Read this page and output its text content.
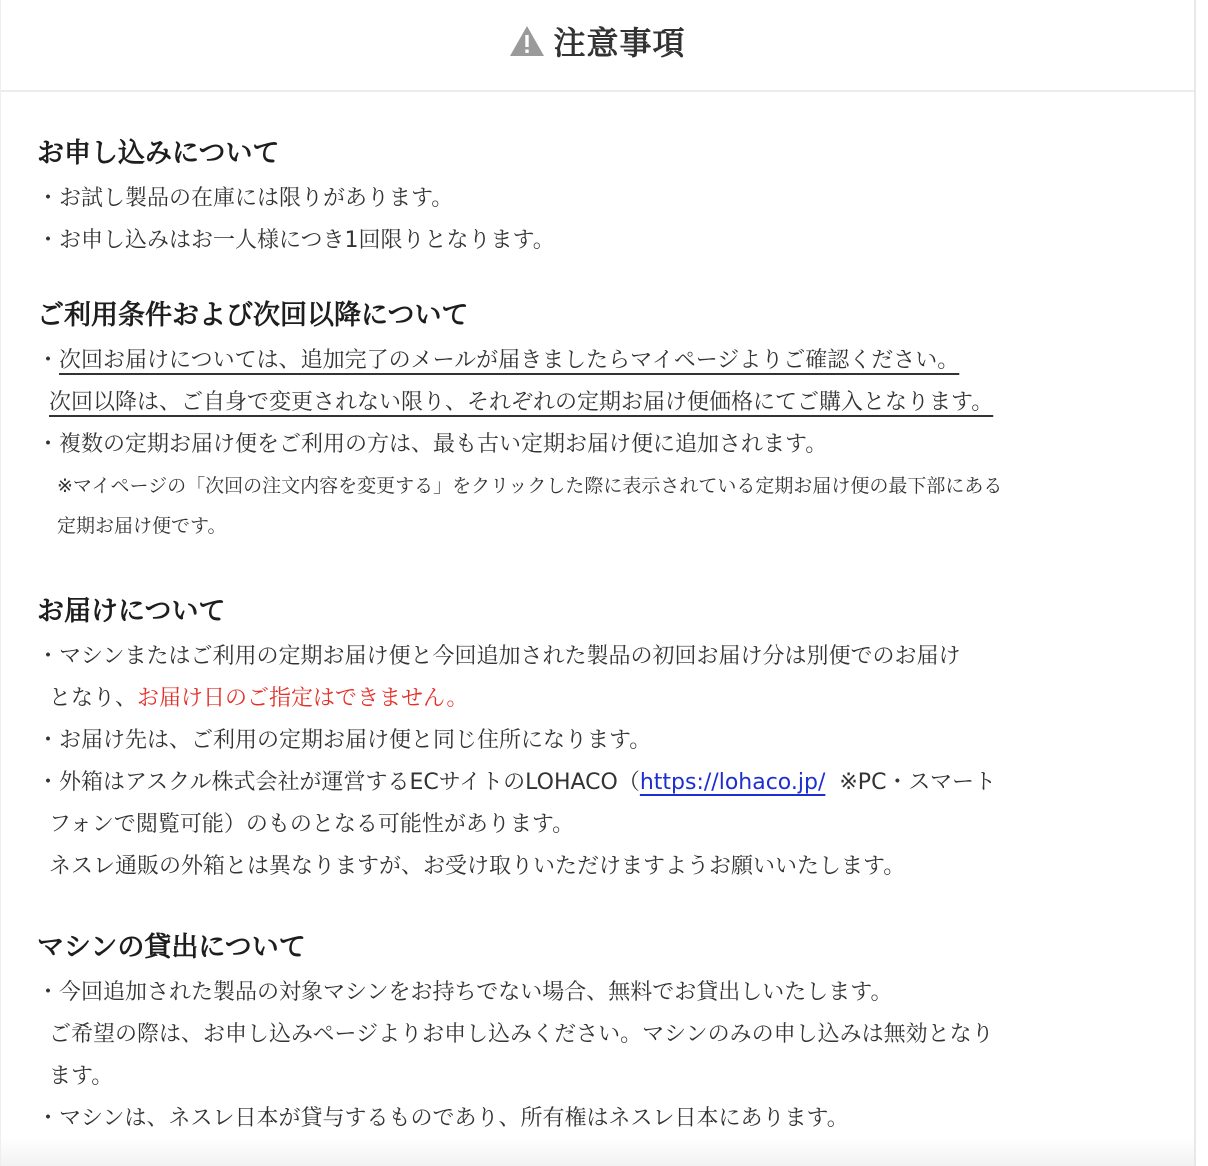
注意事項
お申し込みについて
・お試し製品の在庫には限りがあります。
・お申し込みはお一人様につき1回限りとなります。
ご利用条件および次回以降について
・次回お届けについては、追加完了のメールが届きましたらマイページよりご確認ください。
次回以降は、ご自身で変更されない限り、それぞれの定期お届け便価格にてご購入となります。
・複数の定期お届け便をご利用の方は、最も古い定期お届け便に追加されます。
※マイページの「次回の注文内容を変更する」をクリックした際に表示されている定期お届け便の最下部にある
定期お届け便です。
お届けについて
・マシンまたはご利用の定期お届け便と今回追加された製品の初回お届け分は別便でのお届け
となり、お届け日のご指定はできません。
・お届け先は、ご利用の定期お届け便と同じ住所になります。
・外箱はアスクル株式会社が運営するECサイトのLOHACO（https://lohaco.jp/ ※PC・スマート
フォンで閲覧可能）のものとなる可能性があります。
ネスレ通販の外箱とは異なりますが、お受け取りいただけますようお願いいたします。
マシンの貸出について
・今回追加された製品の対象マシンをお持ちでない場合、無料でお貸出しいたします。
ご希望の際は、お申し込みページよりお申し込みください。マシンのみの申し込みは無効となり
ます。
・マシンは、ネスレ日本が貸与するものであり、所有権はネスレ日本にあります。
